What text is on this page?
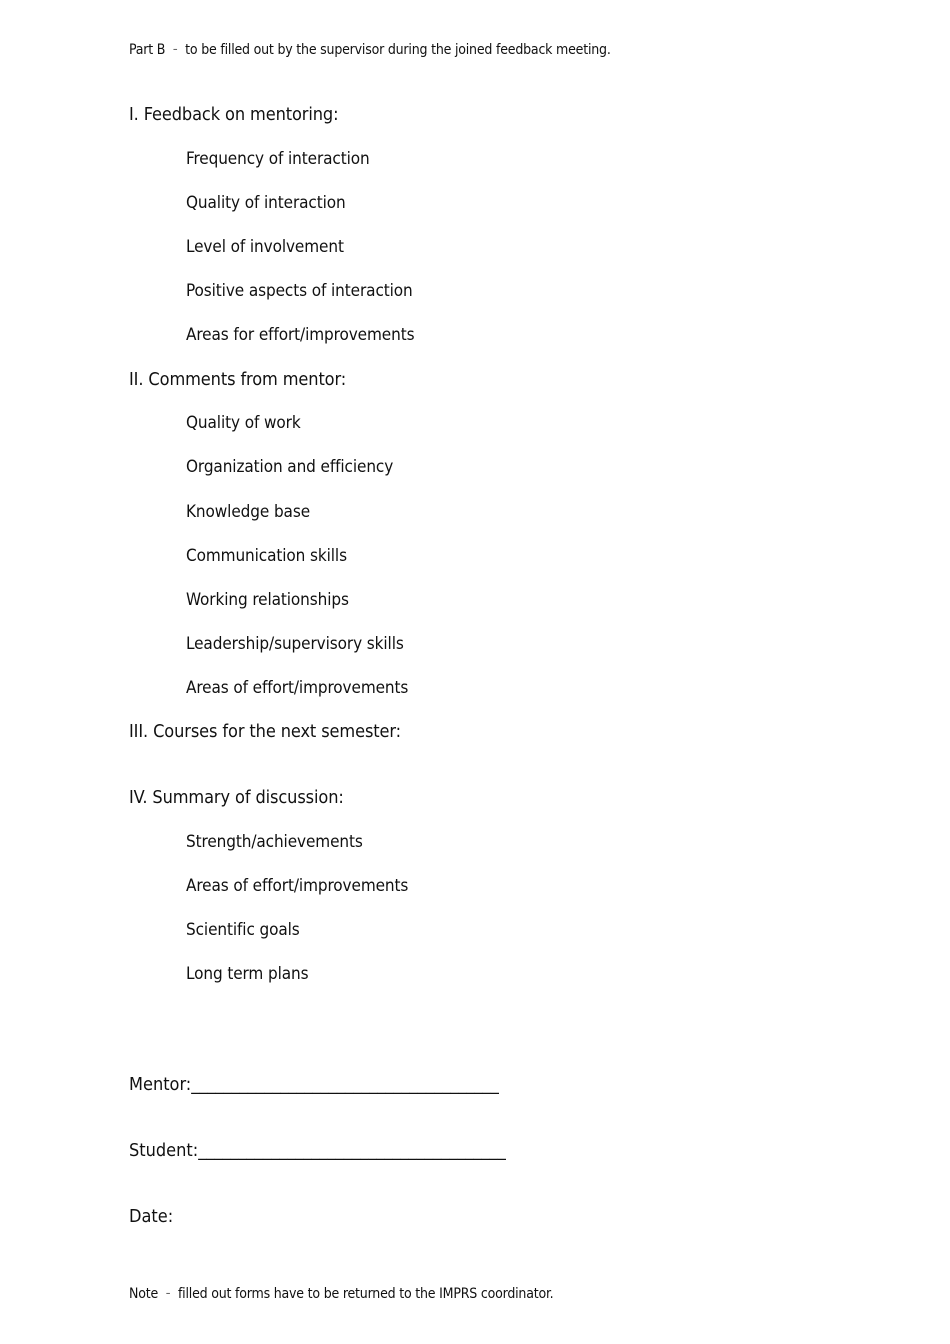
Part B – to be filled out by the supervisor during the joined feedback meeting.
I. Feedback on mentoring:
Frequency of interaction
Quality of interaction
Level of involvement
Positive aspects of interaction
Areas for effort/improvements
II. Comments from mentor:
Quality of work
Organization and efficiency
Knowledge base
Communication skills
Working relationships
Leadership/supervisory skills
Areas of effort/improvements
III. Courses for the next semester:
IV. Summary of discussion:
Strength/achievements
Areas of effort/improvements
Scientific goals
Long term plans
Mentor:______________________________________
Student:______________________________________
Date:
Note – filled out forms have to be returned to the IMPRS coordinator.
